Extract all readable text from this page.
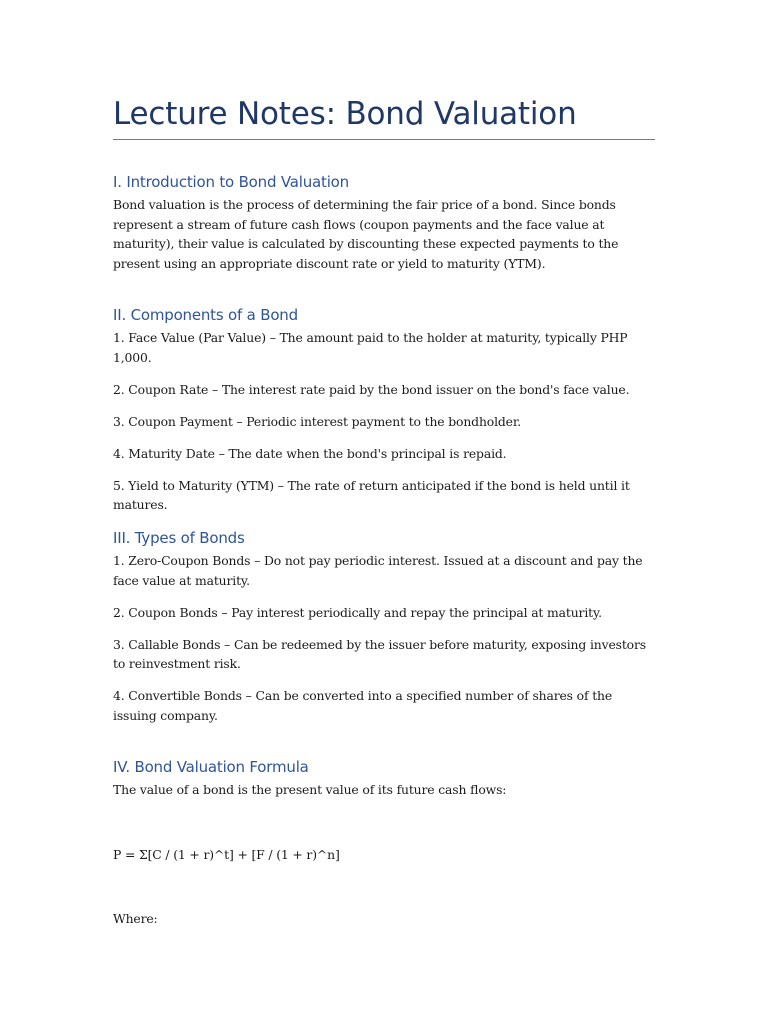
Lecture Notes: Bond Valuation
I. Introduction to Bond Valuation

Bond valuation is the process of determining the fair price of a bond. Since bonds represent a stream of future cash flows (coupon payments and the face value at maturity), their value is calculated by discounting these expected payments to the present using an appropriate discount rate or yield to maturity (YTM).

II. Components of a Bond

1. Face Value (Par Value) – The amount paid to the holder at maturity, typically PHP 1,000.

2. Coupon Rate – The interest rate paid by the bond issuer on the bond's face value.

3. Coupon Payment – Periodic interest payment to the bondholder.

4. Maturity Date – The date when the bond's principal is repaid.

5. Yield to Maturity (YTM) – The rate of return anticipated if the bond is held until it matures.

III. Types of Bonds

1. Zero-Coupon Bonds – Do not pay periodic interest. Issued at a discount and pay the face value at maturity.

2. Coupon Bonds – Pay interest periodically and repay the principal at maturity.

3. Callable Bonds – Can be redeemed by the issuer before maturity, exposing investors to reinvestment risk.

4. Convertible Bonds – Can be converted into a specified number of shares of the issuing company.

IV. Bond Valuation Formula

The value of a bond is the present value of its future cash flows:

P = Σ[C / (1 + r)^t] + [F / (1 + r)^n]

Where:
